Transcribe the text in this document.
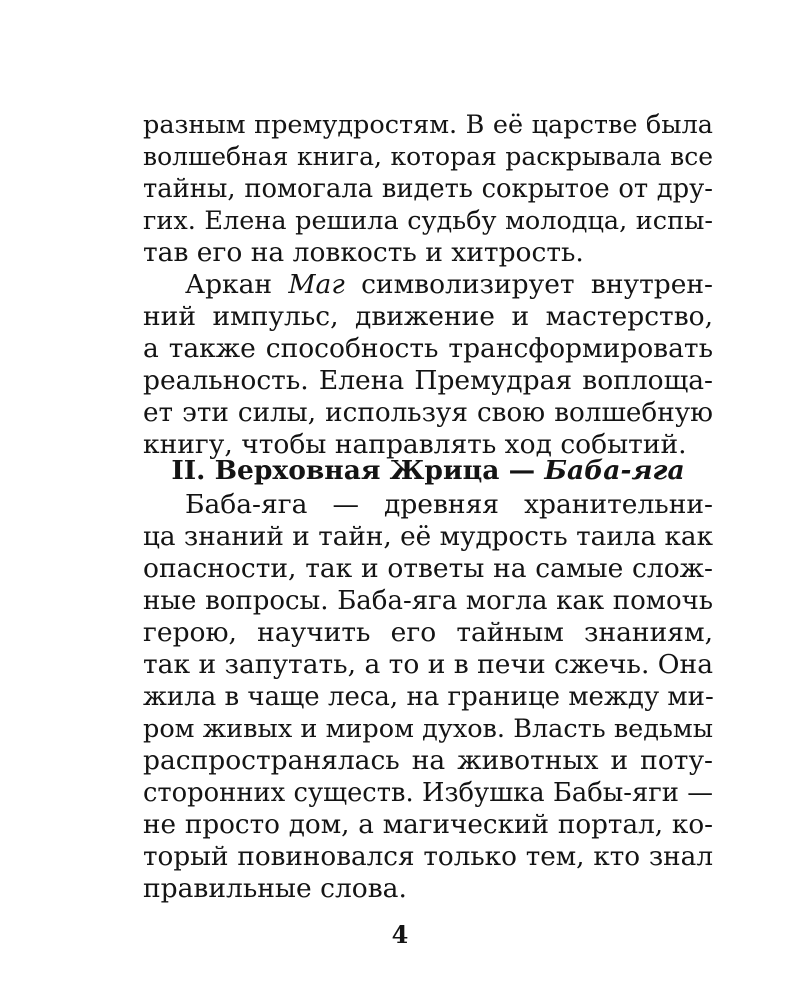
разным премудростям. В её царстве была
волшебная книга, которая раскрывала все
тайны, помогала видеть сокрытое от дру-
гих. Елена решила судьбу молодца, испы-
тав его на ловкость и хитрость.
Аркан Маг символизирует внутрен-
ний импульс, движение и мастерство,
а также способность трансформировать
реальность. Елена Премудрая воплоща-
ет эти силы, используя свою волшебную
книгу, чтобы направлять ход событий.
II. Верховная Жрица — Баба-яга
Баба-яга — древняя хранительни-
ца знаний и тайн, её мудрость таила как
опасности, так и ответы на самые слож-
ные вопросы. Баба-яга могла как помочь
герою, научить его тайным знаниям,
так и запутать, а то и в печи сжечь. Она
жила в чаще леса, на границе между ми-
ром живых и миром духов. Власть ведьмы
распространялась на животных и поту-
сторонних существ. Избушка Бабы-яги —
не просто дом, а магический портал, ко-
торый повиновался только тем, кто знал
правильные слова.
4
